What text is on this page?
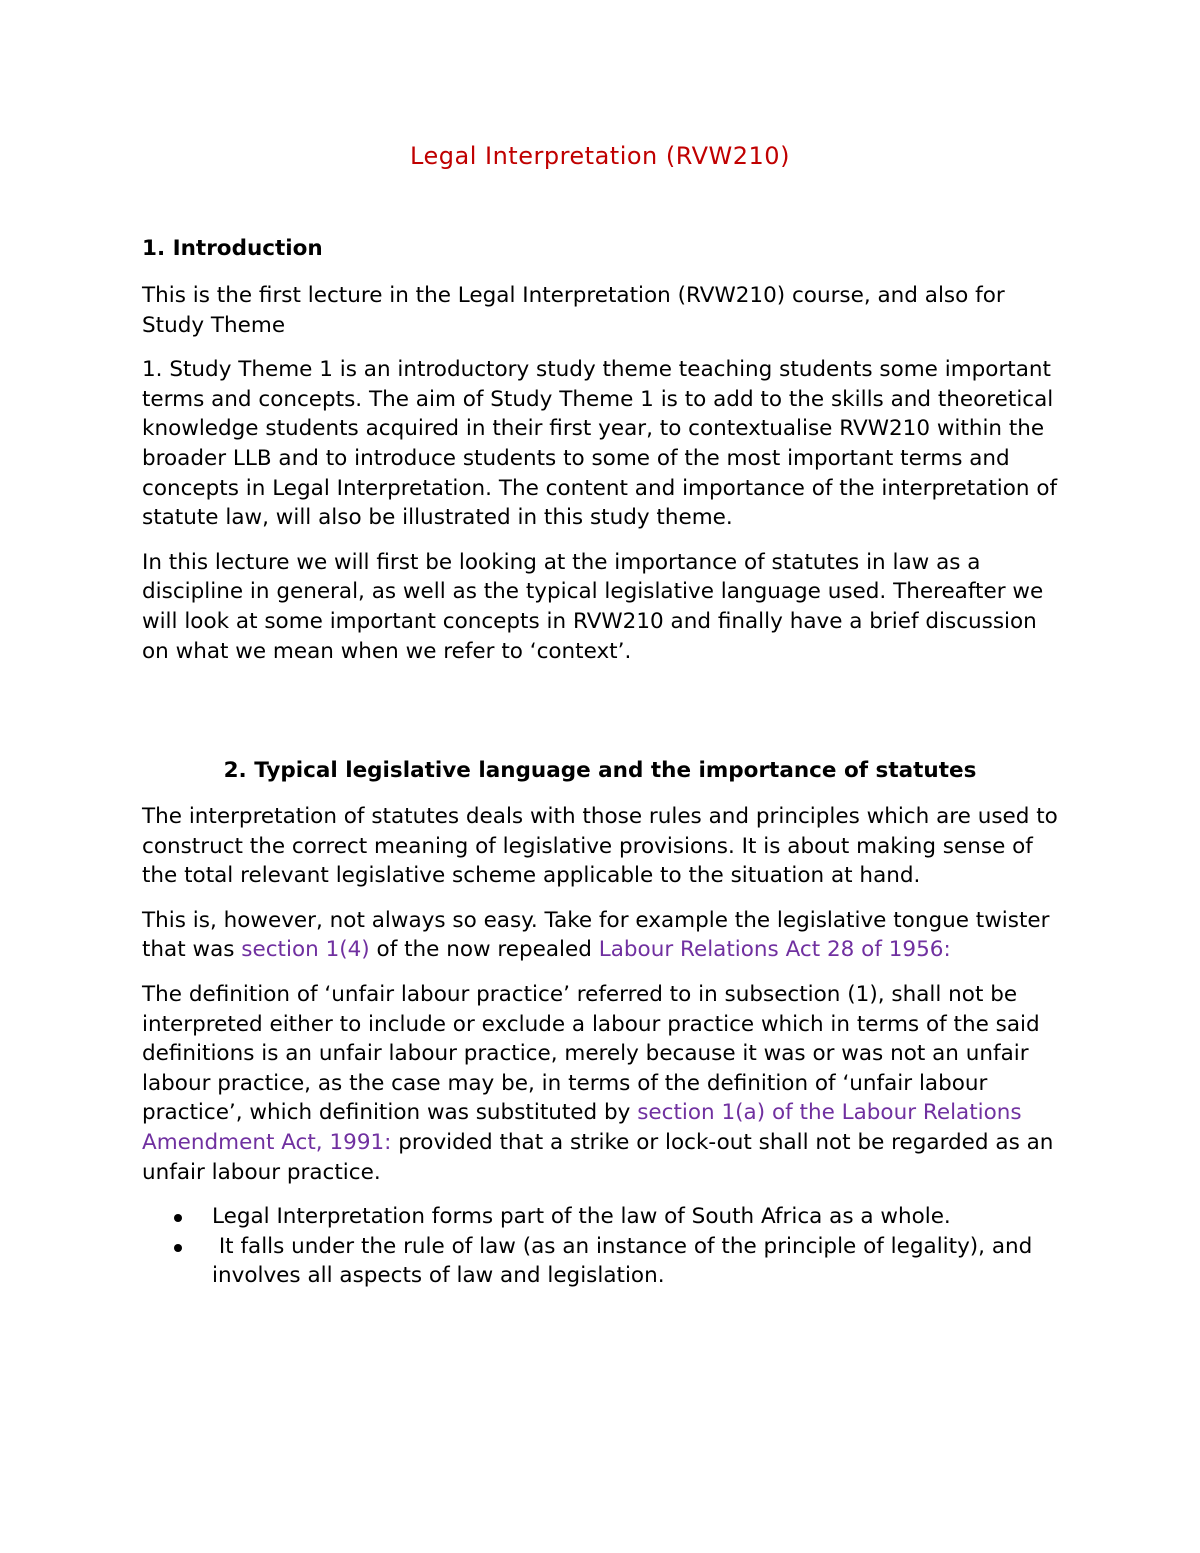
Legal Interpretation (RVW210)
1. Introduction

This is the first lecture in the Legal Interpretation (RVW210) course, and also for Study Theme

1. Study Theme 1 is an introductory study theme teaching students some important terms and concepts. The aim of Study Theme 1 is to add to the skills and theoretical knowledge students acquired in their first year, to contextualise RVW210 within the broader LLB and to introduce students to some of the most important terms and concepts in Legal Interpretation. The content and importance of the interpretation of statute law, will also be illustrated in this study theme.

In this lecture we will first be looking at the importance of statutes in law as a discipline in general, as well as the typical legislative language used. Thereafter we will look at some important concepts in RVW210 and finally have a brief discussion on what we mean when we refer to ‘context’.

2. Typical legislative language and the importance of statutes

The interpretation of statutes deals with those rules and principles which are used to construct the correct meaning of legislative provisions. It is about making sense of the total relevant legislative scheme applicable to the situation at hand.

This is, however, not always so easy. Take for example the legislative tongue twister that was section 1(4) of the now repealed Labour Relations Act 28 of 1956:

The definition of ‘unfair labour practice’ referred to in subsection (1), shall not be interpreted either to include or exclude a labour practice which in terms of the said definitions is an unfair labour practice, merely because it was or was not an unfair labour practice, as the case may be, in terms of the definition of ‘unfair labour practice’, which definition was substituted by section 1(a) of the Labour Relations Amendment Act, 1991: provided that a strike or lock-out shall not be regarded as an unfair labour practice.

Legal Interpretation forms part of the law of South Africa as a whole.
It falls under the rule of law (as an instance of the principle of legality), and involves all aspects of law and legislation.
